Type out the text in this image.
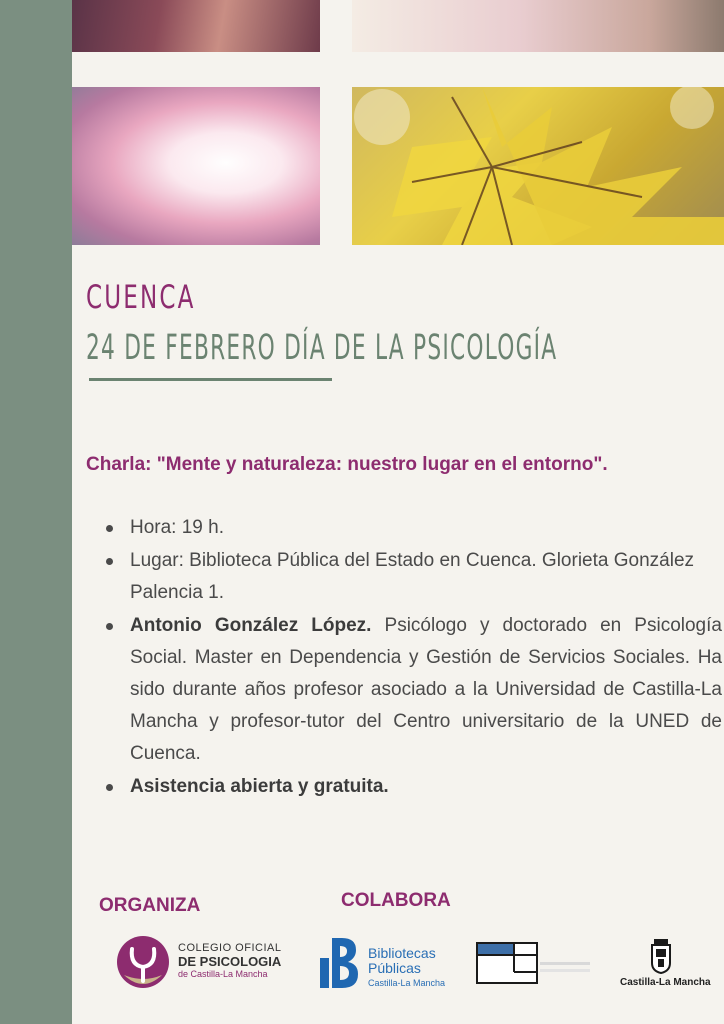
CUENCA
24 DE FEBRERO DÍA DE LA PSICOLOGÍA
Charla: "Mente y naturaleza: nuestro lugar en el entorno".
Hora: 19 h.
Lugar: Biblioteca Pública del Estado en Cuenca. Glorieta González Palencia 1.
Antonio González López. Psicólogo y doctorado en Psicología Social. Master en Dependencia y Gestión de Servicios Sociales. Ha sido durante años profesor asociado a la Universidad de Castilla-La Mancha y profesor-tutor del Centro universitario de la UNED de Cuenca.
Asistencia abierta y gratuita.
ORGANIZA	COLABORA
COLEGIO OFICIAL
DE PSICOLOGIA
de Castilla-La Mancha
Bibliotecas
Públicas
Castilla-La Mancha	Castilla-La Mancha
